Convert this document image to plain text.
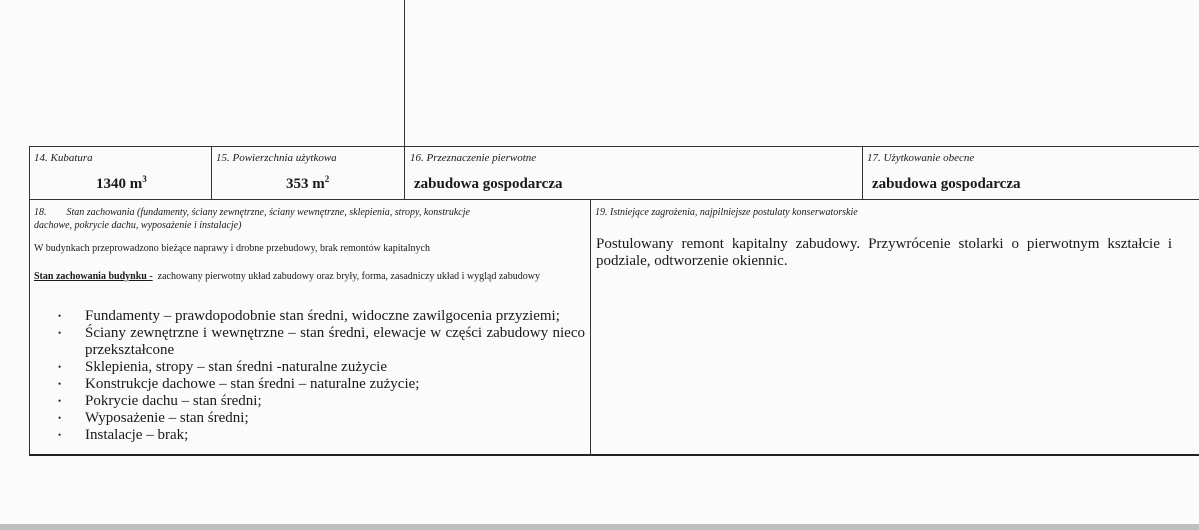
14. Kubatura
1340 $m^3$
15. Powierzchnia użytkowa
353 $m^2$
16. Przeznaczenie pierwotne
zabudowa gospodarcza
17. Użytkowanie obecne
zabudowa gospodarcza
18.        Stan zachowania (fundamenty, ściany zewnętrzne, ściany wewnętrzne, sklepienia, stropy, konstrukcje
dachowe, pokrycie dachu, wyposażenie i instalacje)
W budynkach przeprowadzono bieżące naprawy i drobne przebudowy, brak remontów kapitalnych
Stan zachowania budynku -  zachowany pierwotny układ zabudowy oraz bryły, forma, zasadniczy układ i wygląd zabudowy
• Fundamenty – prawdopodobnie stan średni, widoczne zawilgocenia przyziemi;
• Ściany zewnętrzne i wewnętrzne – stan średni, elewacje w części zabudowy nieco przekształcone
• Sklepienia, stropy – stan średni -naturalne zużycie
• Konstrukcje dachowe – stan średni – naturalne zużycie;
• Pokrycie dachu – stan średni;
• Wyposażenie – stan średni;
• Instalacje – brak;
19. Istniejące zagrożenia, najpilniejsze postulaty konserwatorskie
Postulowany remont kapitalny zabudowy. Przywrócenie stolarki o pierwotnym kształcie i podziale, odtworzenie okiennic.
